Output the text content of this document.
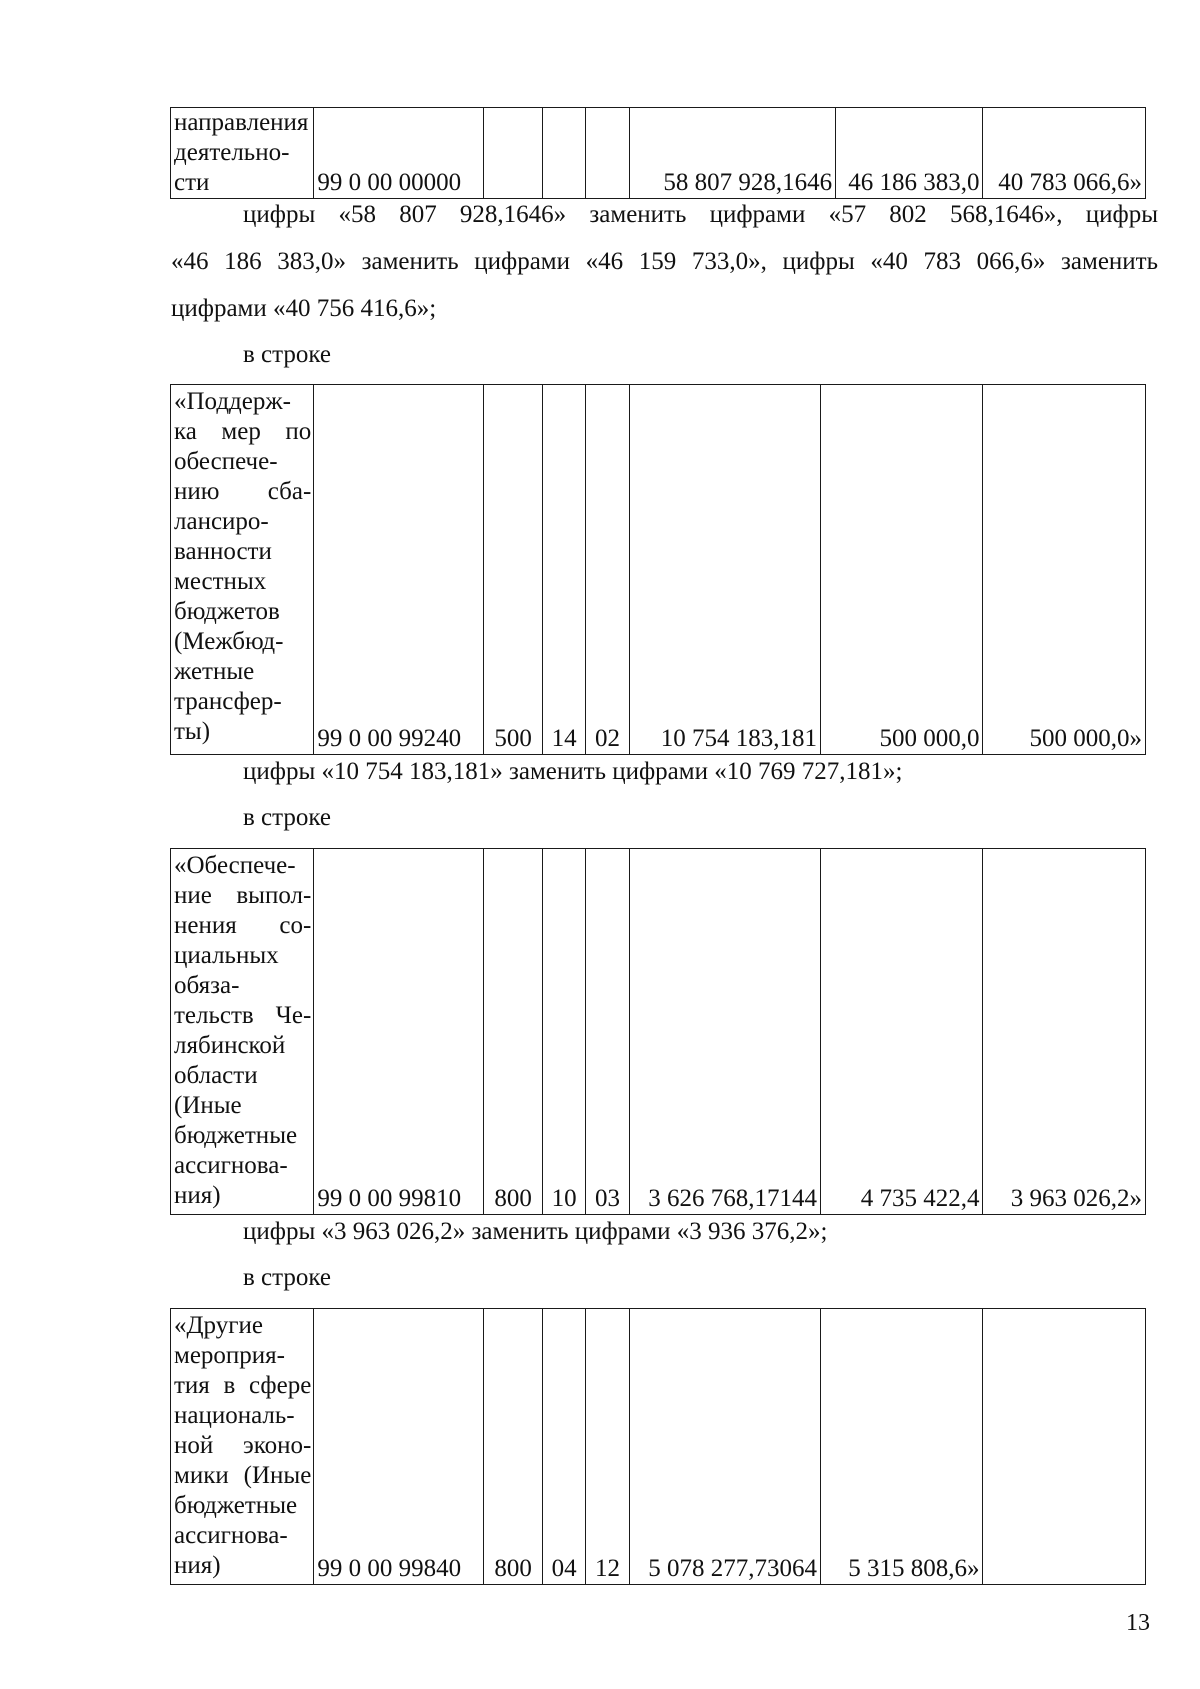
направления
деятельно-
сти	99 0 00 00000				58 807 928,1646	46 186 383,0	40 783 066,6»
цифры «58 807 928,1646» заменить цифрами «57 802 568,1646», цифры
«46 186 383,0» заменить цифрами «46 159 733,0», цифры «40 783 066,6» заменить
цифрами «40 756 416,6»;
в строке
«Поддерж-
ка мер по
обеспече-
нию сба-
лансиро-
ванности
местных
бюджетов
(Межбюд-
жетные
трансфер-
ты)	99 0 00 99240	500	14	02	10 754 183,181	500 000,0	500 000,0»
цифры «10 754 183,181» заменить цифрами «10 769 727,181»;
в строке
«Обеспече-
ние выпол-
нения со-
циальных
обяза-
тельств Че-
лябинской
области
(Иные
бюджетные
ассигнова-
ния)	99 0 00 99810	800	10	03	3 626 768,17144	4 735 422,4	3 963 026,2»
цифры «3 963 026,2» заменить цифрами «3 936 376,2»;
в строке
«Другие
мероприя-
тия в сфере
националь-
ной эконо-
мики (Иные
бюджетные
ассигнова-
ния)	99 0 00 99840	800	04	12	5 078 277,73064	5 315 808,6»	
13
